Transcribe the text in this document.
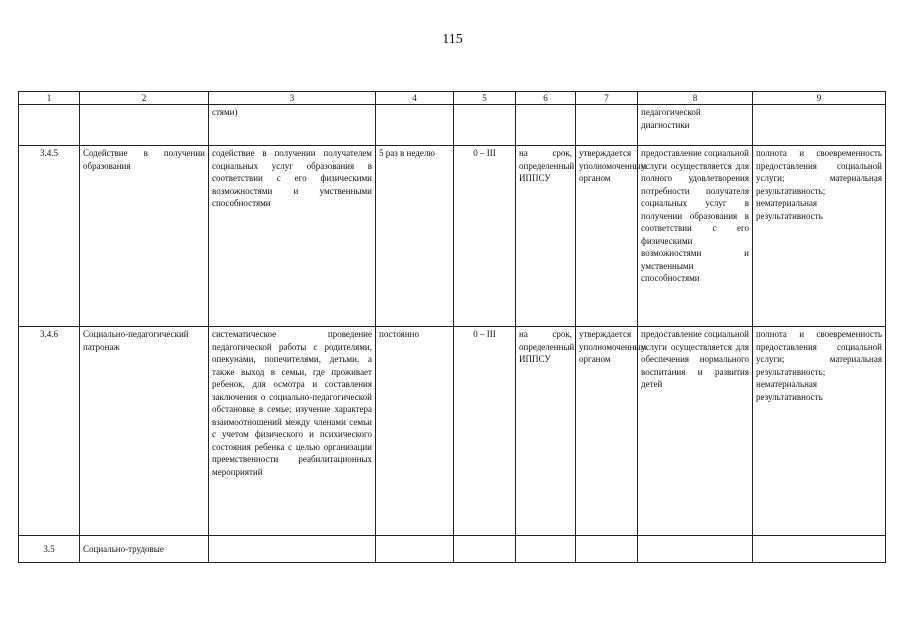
115
1	2	3	4	5	6	7	8	9
		стями)					педагогической диагностики	
3.4.5	Содействие в получении образования	содействие в получении получателем социальных услуг образования в соответствии с его физическими возможностями и умственными способностями	5 раз в неделю	0 – III	на срок, определенный ИППСУ	утверждается уполномоченным органом	предоставление социальной услуги осуществляется для полного удовлетворения потребности получателя социальных услуг в получении образования в соответствии с его физическими возможностями и умственными способностями	полнота и своевременность предоставления социальной услуги; материальная результативность; нематериальная результативность
3.4.6	Социально-педагогический патронаж	систематическое проведение педагогической работы с родителями, опекунами, попечителями, детьми, а также выход в семьи, где проживает ребенок, для осмотра и составления заключения о социально-педагогической обстановке в семье; изучение характера взаимоотношений между членами семьи с учетом физического и психического состояния ребенка с целью организации преемственности реабилитационных мероприятий	постоянно	0 – III	на срок, определенный ИППСУ	утверждается уполномоченным органом	предоставление социальной услуги осуществляется для обеспечения нормального воспитания и развития детей	полнота и своевременность предоставления социальной услуги; материальная результативность; нематериальная результативность
3.5	Социально-трудовые							
